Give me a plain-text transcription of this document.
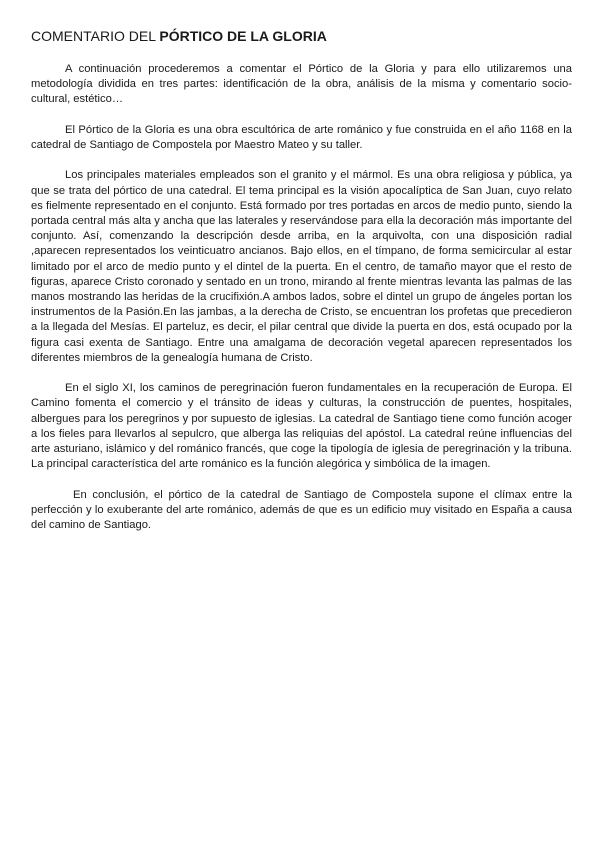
COMENTARIO DEL PÓRTICO DE LA GLORIA

A continuación procederemos a comentar el Pórtico de la Gloria y para ello utilizaremos una metodología dividida en tres partes: identificación de la obra, análisis de la misma y comentario socio-cultural, estético…

El Pórtico de la Gloria es una obra escultórica de arte románico y fue construida en el año 1168 en la catedral de Santiago de Compostela por Maestro Mateo y su taller.

Los principales materiales empleados son el granito y el mármol. Es una obra religiosa y pública, ya que se trata del pórtico de una catedral. El tema principal es la visión apocalíptica de San Juan, cuyo relato es fielmente representado en el conjunto. Está formado por tres portadas en arcos de medio punto, siendo la portada central más alta y ancha que las laterales y reservándose para ella la decoración más importante del conjunto. Así, comenzando la descripción desde arriba, en la arquivolta, con una disposición radial ,aparecen representados los veinticuatro ancianos. Bajo ellos, en el tímpano, de forma semicircular al estar limitado por el arco de medio punto y el dintel de la puerta. En el centro, de tamaño mayor que el resto de figuras, aparece Cristo coronado y sentado en un trono, mirando al frente mientras levanta las palmas de las manos mostrando las heridas de la crucifixión.A ambos lados, sobre el dintel un grupo de ángeles portan los instrumentos de la Pasión.En las jambas, a la derecha de Cristo, se encuentran los profetas que precedieron a la llegada del Mesías. El parteluz, es decir, el pilar central que divide la puerta en dos, está ocupado por la figura casi exenta de Santiago. Entre una amalgama de decoración vegetal aparecen representados los diferentes miembros de la genealogía humana de Cristo.

En el siglo XI, los caminos de peregrinación fueron fundamentales en la recuperación de Europa. El Camino fomenta el comercio y el tránsito de ideas y culturas, la construcción de puentes, hospitales, albergues para los peregrinos y por supuesto de iglesias. La catedral de Santiago tiene como función acoger a los fieles para llevarlos al sepulcro, que alberga las reliquias del apóstol. La catedral reúne influencias del arte asturiano, islámico y del románico francés, que coge la tipología de iglesia de peregrinación y la tribuna. La principal característica del arte románico es la función alegórica y simbólica de la imagen.

En conclusión, el pórtico de la catedral de Santiago de Compostela supone el clímax entre la perfección y lo exuberante del arte románico, además de que es un edificio muy visitado en España a causa del camino de Santiago.
